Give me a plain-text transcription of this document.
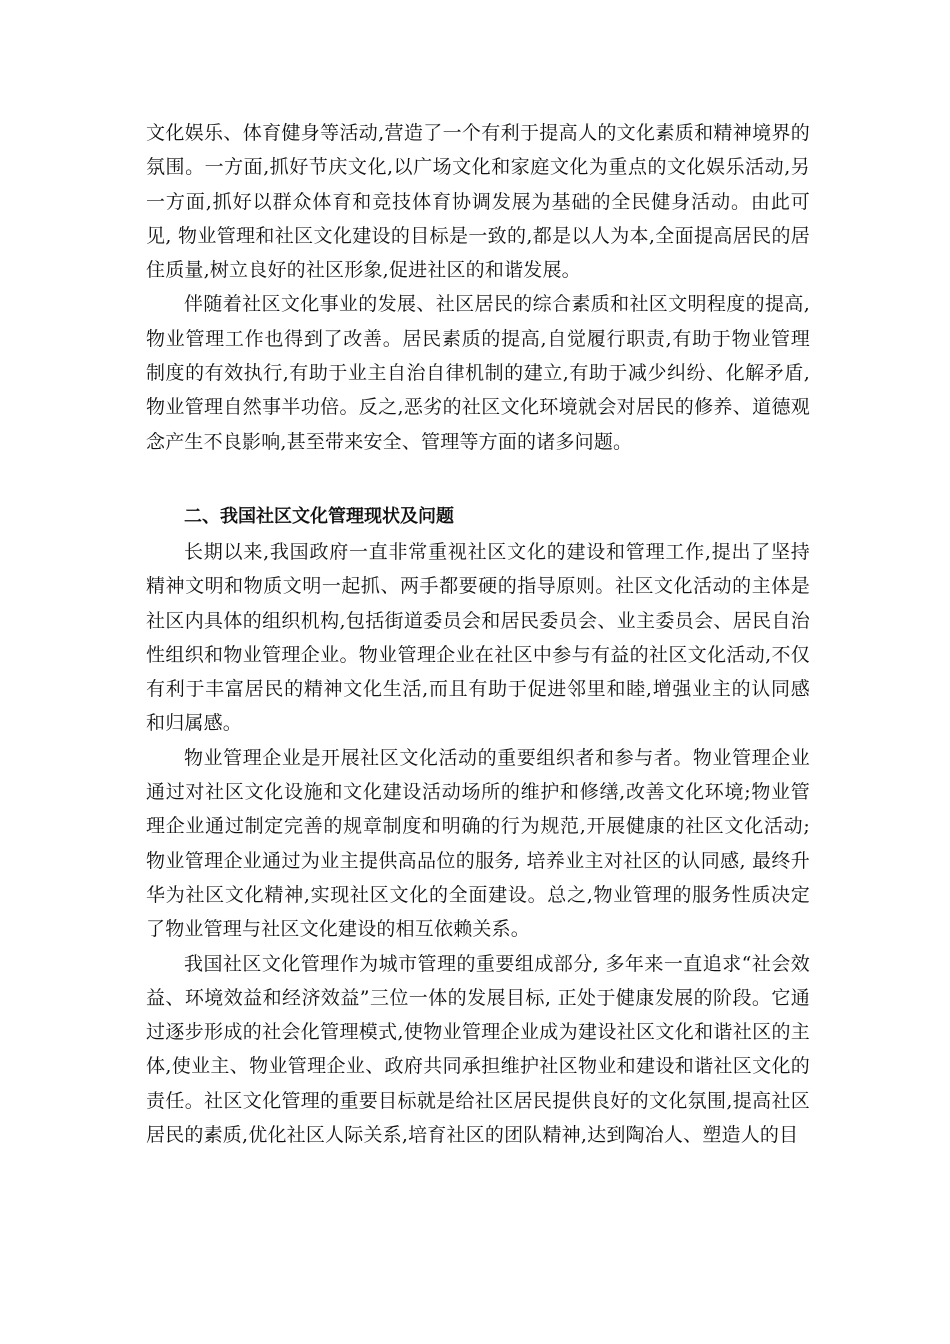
文化娱乐、体育健身等活动,营造了一个有利于提高人的文化素质和精神境界的氛围。一方面,抓好节庆文化,以广场文化和家庭文化为重点的文化娱乐活动,另一方面,抓好以群众体育和竞技体育协调发展为基础的全民健身活动。由此可见, 物业管理和社区文化建设的目标是一致的,都是以人为本,全面提高居民的居住质量,树立良好的社区形象,促进社区的和谐发展。

伴随着社区文化事业的发展、社区居民的综合素质和社区文明程度的提高,物业管理工作也得到了改善。居民素质的提高,自觉履行职责,有助于物业管理制度的有效执行,有助于业主自治自律机制的建立,有助于减少纠纷、化解矛盾,物业管理自然事半功倍。反之,恶劣的社区文化环境就会对居民的修养、道德观念产生不良影响,甚至带来安全、管理等方面的诸多问题。

二、我国社区文化管理现状及问题

长期以来,我国政府一直非常重视社区文化的建设和管理工作,提出了坚持精神文明和物质文明一起抓、两手都要硬的指导原则。社区文化活动的主体是社区内具体的组织机构,包括街道委员会和居民委员会、业主委员会、居民自治性组织和物业管理企业。物业管理企业在社区中参与有益的社区文化活动,不仅有利于丰富居民的精神文化生活,而且有助于促进邻里和睦,增强业主的认同感和归属感。

物业管理企业是开展社区文化活动的重要组织者和参与者。物业管理企业通过对社区文化设施和文化建设活动场所的维护和修缮,改善文化环境;物业管理企业通过制定完善的规章制度和明确的行为规范,开展健康的社区文化活动; 物业管理企业通过为业主提供高品位的服务, 培养业主对社区的认同感, 最终升华为社区文化精神,实现社区文化的全面建设。总之,物业管理的服务性质决定了物业管理与社区文化建设的相互依赖关系。

我国社区文化管理作为城市管理的重要组成部分, 多年来一直追求“社会效益、环境效益和经济效益”三位一体的发展目标, 正处于健康发展的阶段。它通过逐步形成的社会化管理模式,使物业管理企业成为建设社区文化和谐社区的主体,使业主、物业管理企业、政府共同承担维护社区物业和建设和谐社区文化的责任。社区文化管理的重要目标就是给社区居民提供良好的文化氛围,提高社区居民的素质,优化社区人际关系,培育社区的团队精神,达到陶冶人、塑造人的目
